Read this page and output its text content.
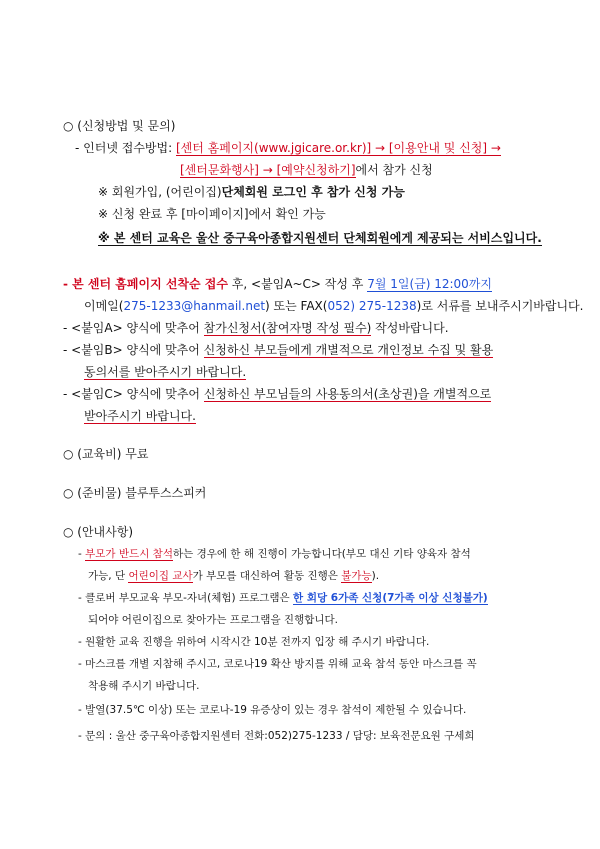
○ (신청방법 및 문의)
- 인터넷 접수방법: [센터 홈페이지(www.jgicare.or.kr)] → [이용안내 및 신청] →
[센터문화행사] → [예약신청하기]에서 참가 신청
※ 회원가입, (어린이집)단체회원 로그인 후 참가 신청 가능
※ 신청 완료 후 [마이페이지]에서 확인 가능
※ 본 센터 교육은 울산 중구육아종합지원센터 단체회원에게 제공되는 서비스입니다.
- 본 센터 홈페이지 선착순 접수 후, <붙임A~C> 작성 후 7월 1일(금) 12:00까지
이메일(275-1233@hanmail.net) 또는 FAX(052) 275-1238)로 서류를 보내주시기바랍니다.
- <붙임A> 양식에 맞추어 참가신청서(참여자명 작성 필수) 작성바랍니다.
- <붙임B> 양식에 맞추어 신청하신 부모들에게 개별적으로 개인정보 수집 및 활용
동의서를 받아주시기 바랍니다.
- <붙임C> 양식에 맞추어 신청하신 부모님들의 사용동의서(초상권)을 개별적으로
받아주시기 바랍니다.
○ (교육비) 무료
○ (준비물) 블루투스스피커
○ (안내사항)
- 부모가 반드시 참석하는 경우에 한 해 진행이 가능합니다(부모 대신 기타 양육자 참석
가능, 단 어린이집 교사가 부모를 대신하여 활동 진행은 불가능).
- 클로버 부모교육 부모-자녀(체험) 프로그램은 한 회당 6가족 신청(7가족 이상 신청불가)
되어야 어린이집으로 찾아가는 프로그램을 진행합니다.
- 원활한 교육 진행을 위하여 시작시간 10분 전까지 입장 해 주시기 바랍니다.
- 마스크를 개별 지참해 주시고, 코로나19 확산 방지를 위해 교육 참석 동안 마스크를 꼭
착용해 주시기 바랍니다.
- 발열(37.5℃ 이상) 또는 코로나-19 유증상이 있는 경우 참석이 제한될 수 있습니다.
- 문의 : 울산 중구육아종합지원센터 전화:052)275-1233 / 담당: 보육전문요원 구세희
